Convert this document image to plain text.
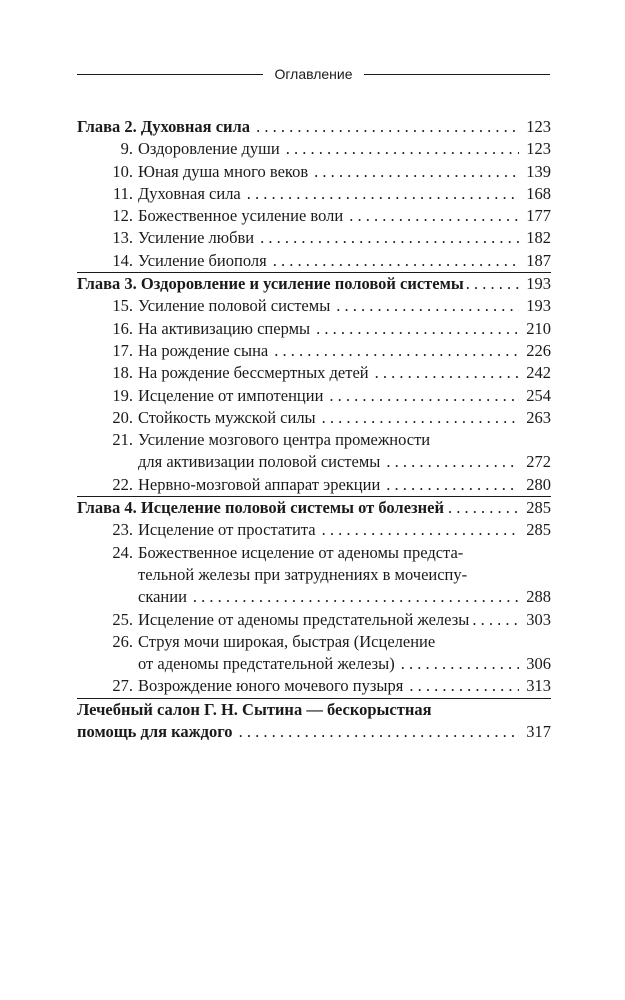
Оглавление
Глава 2. Духовная сила . . .	123
9. Оздоровление души . . .	123
10. Юная душа много веков . . .	139
11. Духовная сила . . .	168
12. Божественное усиление воли . . .	177
13. Усиление любви . . .	182
14. Усиление биополя . . .	187
Глава 3. Оздоровление и усиление половой системы . . .	193
15. Усиление половой системы . . .	193
16. На активизацию спермы . . .	210
17. На рождение сына . . .	226
18. На рождение бессмертных детей . . .	242
19. Исцеление от импотенции . . .	254
20. Стойкость мужской силы . . .	263
21. Усиление мозгового центра промежности
для активизации половой системы . . .	272
22. Нервно-мозговой аппарат эрекции . . .	280
Глава 4. Исцеление половой системы от болезней . . .	285
23. Исцеление от простатита . . .	285
24. Божественное исцеление от аденомы предста-
тельной железы при затруднениях в мочеиспу-
скании . . .	288
25. Исцеление от аденомы предстательной железы . . .	303
26. Струя мочи широкая, быстрая (Исцеление
от аденомы предстательной железы) . . .	306
27. Возрождение юного мочевого пузыря . . .	313
Лечебный салон Г. Н. Сытина — бескорыстная
помощь для каждого . . .	317
